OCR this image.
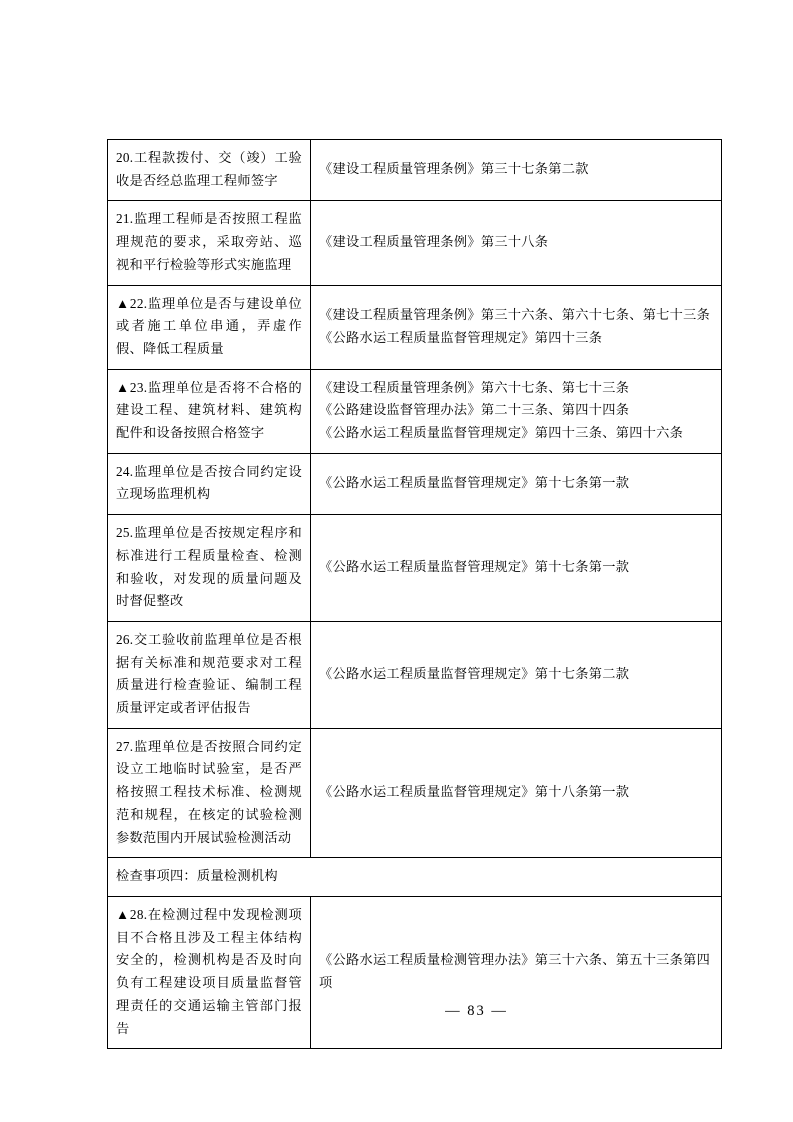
20.工程款拨付、交（竣）工验收是否经总监理工程师签字	《建设工程质量管理条例》第三十七条第二款
21.监理工程师是否按照工程监理规范的要求，采取旁站、巡视和平行检验等形式实施监理	《建设工程质量管理条例》第三十八条
▲22.监理单位是否与建设单位或者施工单位串通，弄虚作假、降低工程质量	《建设工程质量管理条例》第三十六条、第六十七条、第七十三条
《公路水运工程质量监督管理规定》第四十三条

▲23.监理单位是否将不合格的建设工程、建筑材料、建筑构配件和设备按照合格签字	《建设工程质量管理条例》第六十七条、第七十三条
《公路建设监督管理办法》第二十三条、第四十四条
《公路水运工程质量监督管理规定》第四十三条、第四十六条

24.监理单位是否按合同约定设立现场监理机构	《公路水运工程质量监督管理规定》第十七条第一款
25.监理单位是否按规定程序和标准进行工程质量检查、检测和验收，对发现的质量问题及时督促整改	《公路水运工程质量监督管理规定》第十七条第一款
26.交工验收前监理单位是否根据有关标准和规范要求对工程质量进行检查验证、编制工程质量评定或者评估报告	《公路水运工程质量监督管理规定》第十七条第二款
27.监理单位是否按照合同约定设立工地临时试验室，是否严格按照工程技术标准、检测规范和规程，在核定的试验检测参数范围内开展试验检测活动	《公路水运工程质量监督管理规定》第十八条第一款
检查事项四：质量检测机构	
▲28.在检测过程中发现检测项目不合格且涉及工程主体结构安全的，检测机构是否及时向负有工程建设项目质量监督管理责任的交通运输主管部门报告	《公路水运工程质量检测管理办法》第三十六条、第五十三条第四项
— 83 —
